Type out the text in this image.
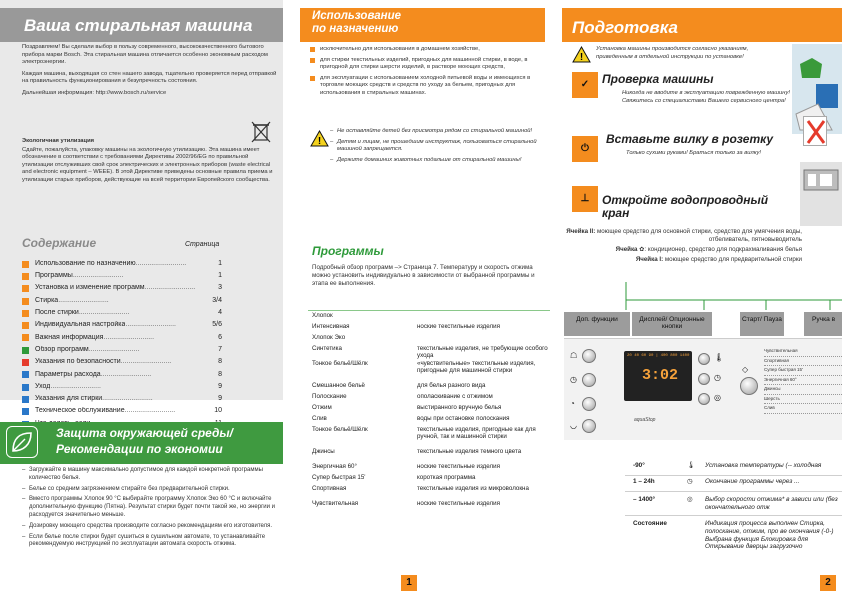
Ваша стиральная машина

Поздравляем! Вы сделали выбор в пользу современного, высококачественного бытового прибора марки Bosch. Эта стиральная машина отличается особенно экономным расходом электроэнергии.

Каждая машина, выходящая со стен нашего завода, тщательно проверяется перед отправкой на правильность функционирования и безупречность состояния.

Дальнейшая информация: http://www.bosch.ru/serviсe

Экологичная утилизация

Сдайте, пожалуйста, упаковку машины на экологичную утилизацию. Эта машина имеет обозначение в соответствии с требованиями Директивы 2002/96/EG по правильной утилизации отслуживших свой срок электрических и электронных приборов (waste electrical and electronic equipment – WEEE). В этой Директиве приведены основные правила приема и утилизации старых приборов, действующие на всей территории Европейского сообщества.

Содержание	Страница
Использование по назначению ..........................	1
Программы ..........................	1
Установка и изменение программ ..........................	3
Стирка ..........................	3/4
После стирки ..........................	4
Индивидуальная настройка ..........................	5/6
Важная информация ..........................	6
Обзор программ ..........................	7
Указания по безопасности ..........................	8
Параметры расхода ..........................	8
Уход ..........................	9
Указания для стирки ..........................	9
Техническое обслуживание ..........................	10
Защита окружающей среды/
Рекомендации по экономии
– Загружайте в машину максимально допустимое для каждой конкретной программы количество белья.
– Белье со средним загрязнением стирайте без предварительной стирки.
– Вместо программы Хлопок 90 °C выбирайте программу Хлопок Эко 60 °C и включайте дополнительную функцию (Пятна). Результат стирки будет почти такой же, но энергии и расходуется значительно меньше.
– Дозировку моющего средства производите согласно рекомендациям его изготовителя.
– Если белье после стирки будет сушиться в сушильном автомате, то устанавливайте рекомендуемую инструкцией по эксплуатации автомата скорость отжима.
1
Использование
по назначению
исключительно для использования в домашнем хозяйстве,
для стирки текстильных изделий, пригодных для машинной стирки, в воде, в пригодной для стирки шерсти изделий, в растворе моющих средств,
для эксплуатации с использованием холодной питьевой воды и имеющихся в торговле моющих средств и средств по уходу за бельем, пригодных для использования в стиральных машинах.
!
– Не оставляйте детей без присмотра рядом со стиральной машиной!
– Детям и лицам, не прошедшим инструктаж, пользоваться стиральной машиной запрещается.
– Держите домашних животных подальше от стиральной машины!
Программы
Подробный обзор программ –> Страница 7. Температуру и скорость отжима можно установить индивидуально в зависимости от выбранной программы и этапа ее выполнения.
Хлопок
Интенсивная	ноские текстильные изделия
Хлопок Эко
Синтетика	текстильные изделия, не требующие особого ухода
Тонкое бельё/Шёлк	«чувствительные» текстильные изделия, пригодные для машинной стирки
Смешанное бельё	для белья разного вида
Полоскание	ополаскивание с отжимом
Отжим	выстиранного вручную белья
Слив	воды при остановке полоскания
Тонкое бельё/Шёлк	текстильные изделия, пригодные как для ручной, так и машинной стирки
Джинсы	текстильные изделия темного цвета
Энергичная 60°	ноские текстильные изделия
Супер быстрая 15'	короткая программа
Спортивная	текстильные изделия из микроволокна
Чувствительная	ноские текстильные изделия
Подготовка
!
Установка машины производится согласно указаниям, приведенным в отдельной инструкции по установке!
✓	Проверка машины
Никогда не вводите в эксплуатацию поврежденную машину! Свяжитесь со специалистами Вашего сервисного центра!
⏻
Вставьте вилку в розетку
Только сухими руками! Браться только за вилку!
⊥	Откройте водопроводный
кран

Ячейка II: моющее средство для основной стирки, средство для умягчения воды, отбеливатель, пятновыводитель

Ячейка ✿: кондиционер, средство для подкрахмаливания белья

Ячейка I: моющее средство для предварительной стирки

Доп. функции	Дисплей/ Опционные кнопки
Старт/ Пауза	Ручка в
☖
◷
◔
◡
20 40 60 90 | 400 800 1400
3:02
aquaStop
🌡
◷
◎
◇
Чувствительная
Спортивная
Супер быстрая 15'
Энергичная 60°
Джинсы
Шерсть
Слив
-90°	🌡	Установка температуры (-- холодная
1 – 24h	◷	Окончание программы через ...
– 1400°	◎	Выбор скорости отжима* в зависи или (без окончательного отж
Состояние	Индикация процесса выполнен Стирка, полоскание, отжим, про ве окончания (-0-) Выбрана функция Блокировка для Открывание дверцы загрузочно
2
